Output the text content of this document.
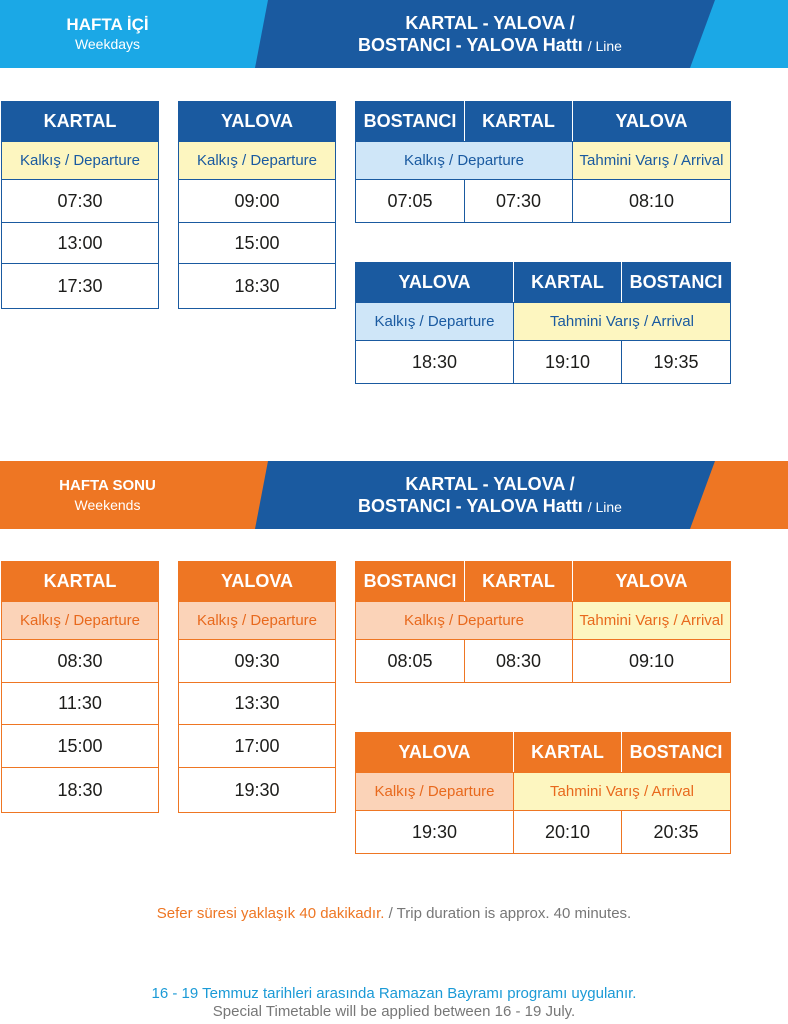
HAFTA İÇİ
Weekdays
KARTAL - YALOVA /
BOSTANCI - YALOVA Hattı / Line
KARTAL
Kalkış / Departure
07:30
13:00
17:30
YALOVA
Kalkış / Departure
09:00
15:00
18:30
BOSTANCI	KARTAL	YALOVA
Kalkış / Departure		Tahmini Varış / Arrival
07:05	07:30	08:10
YALOVA	KARTAL	BOSTANCI
Kalkış / Departure	Tahmini Varış / Arrival	
18:30	19:10	19:35
HAFTA SONU
Weekends
KARTAL - YALOVA /
BOSTANCI - YALOVA Hattı / Line
KARTAL
Kalkış / Departure
08:30
11:30
15:00
18:30
YALOVA
Kalkış / Departure
09:30
13:30
17:00
19:30
BOSTANCI	KARTAL	YALOVA
Kalkış / Departure		Tahmini Varış / Arrival
08:05	08:30	09:10
YALOVA	KARTAL	BOSTANCI
Kalkış / Departure	Tahmini Varış / Arrival	
19:30	20:10	20:35
Sefer süresi yaklaşık 40 dakikadır. / Trip duration is approx. 40 minutes.
16 - 19 Temmuz tarihleri arasında Ramazan Bayramı programı uygulanır.
Special Timetable will be applied between 16 - 19 July.
